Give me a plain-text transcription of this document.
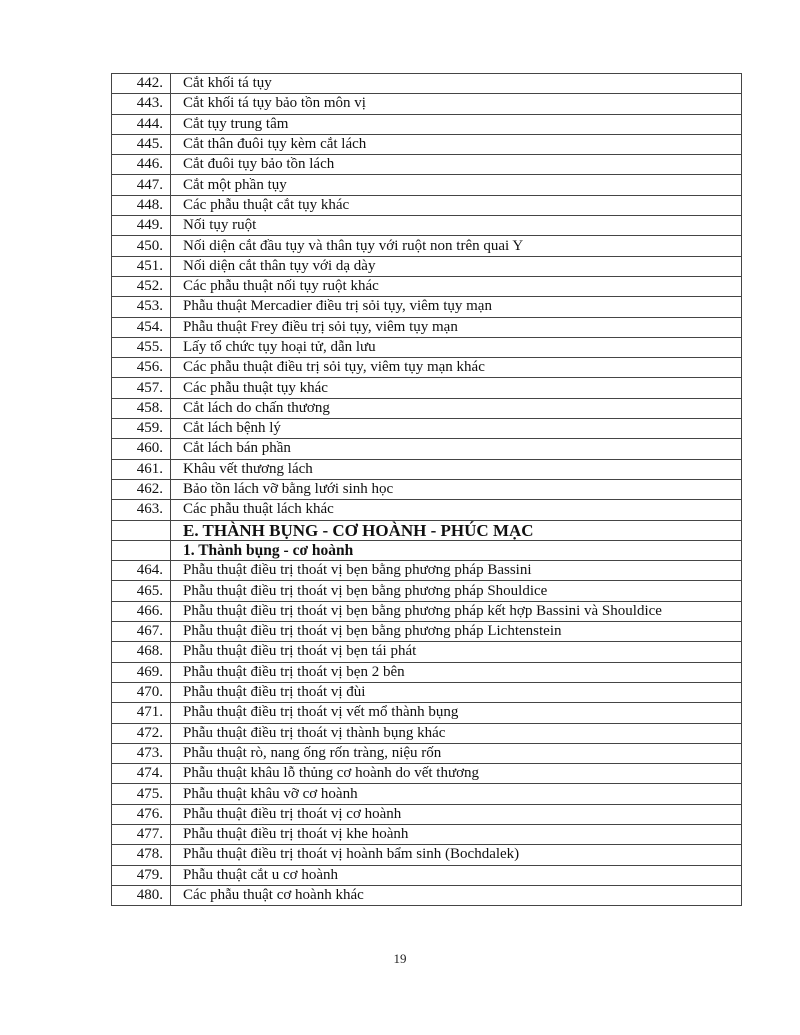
442.	Cắt khối tá tụy
443.	Cắt khối tá tụy bảo tồn môn vị
444.	Cắt tụy trung tâm
445.	Cắt thân đuôi tụy kèm cắt lách
446.	Cắt đuôi tụy bảo tồn lách
447.	Cắt một phần tụy
448.	Các phẫu thuật cắt tụy khác
449.	Nối tụy ruột
450.	Nối diện cắt đầu tụy và thân tụy với ruột non trên quai Y
451.	Nối diện cắt thân tụy với dạ dày
452.	Các phẫu thuật nối tụy ruột khác
453.	Phẫu thuật Mercadier điều trị sỏi tụy, viêm tụy mạn
454.	Phẫu thuật Frey điều trị sỏi tụy, viêm tụy mạn
455.	Lấy tổ chức tụy hoại tử, dẫn lưu
456.	Các phẫu thuật điều trị sỏi tụy, viêm tụy mạn khác
457.	Các phẫu thuật tụy khác
458.	Cắt lách do chấn thương
459.	Cắt lách bệnh lý
460.	Cắt lách bán phần
461.	Khâu vết thương lách
462.	Bảo tồn lách vỡ bằng lưới sinh học
463.	Các phẫu thuật lách khác
	E. THÀNH BỤNG - CƠ HOÀNH - PHÚC MẠC
	1. Thành bụng - cơ hoành
464.	Phẫu thuật điều trị thoát vị bẹn bằng phương pháp Bassini
465.	Phẫu thuật điều trị thoát vị bẹn bằng phương pháp Shouldice
466.	Phẫu thuật điều trị thoát vị bẹn bằng phương pháp kết hợp Bassini và Shouldice
467.	Phẫu thuật điều trị thoát vị bẹn bằng phương pháp Lichtenstein
468.	Phẫu thuật điều trị thoát vị bẹn tái phát
469.	Phẫu thuật điều trị thoát vị bẹn 2 bên
470.	Phẫu thuật điều trị thoát vị đùi
471.	Phẫu thuật điều trị thoát vị vết mổ thành bụng
472.	Phẫu thuật điều trị thoát vị thành bụng khác
473.	Phẫu thuật rò, nang ống rốn tràng, niệu rốn
474.	Phẫu thuật khâu lỗ thủng cơ hoành do vết thương
475.	Phẫu thuật khâu vỡ cơ hoành
476.	Phẫu thuật điều trị thoát vị cơ hoành
477.	Phẫu thuật điều trị thoát vị khe hoành
478.	Phẫu thuật điều trị thoát vị hoành bẩm sinh (Bochdalek)
479.	Phẫu thuật cắt u cơ hoành
480.	Các phẫu thuật cơ hoành khác
19
